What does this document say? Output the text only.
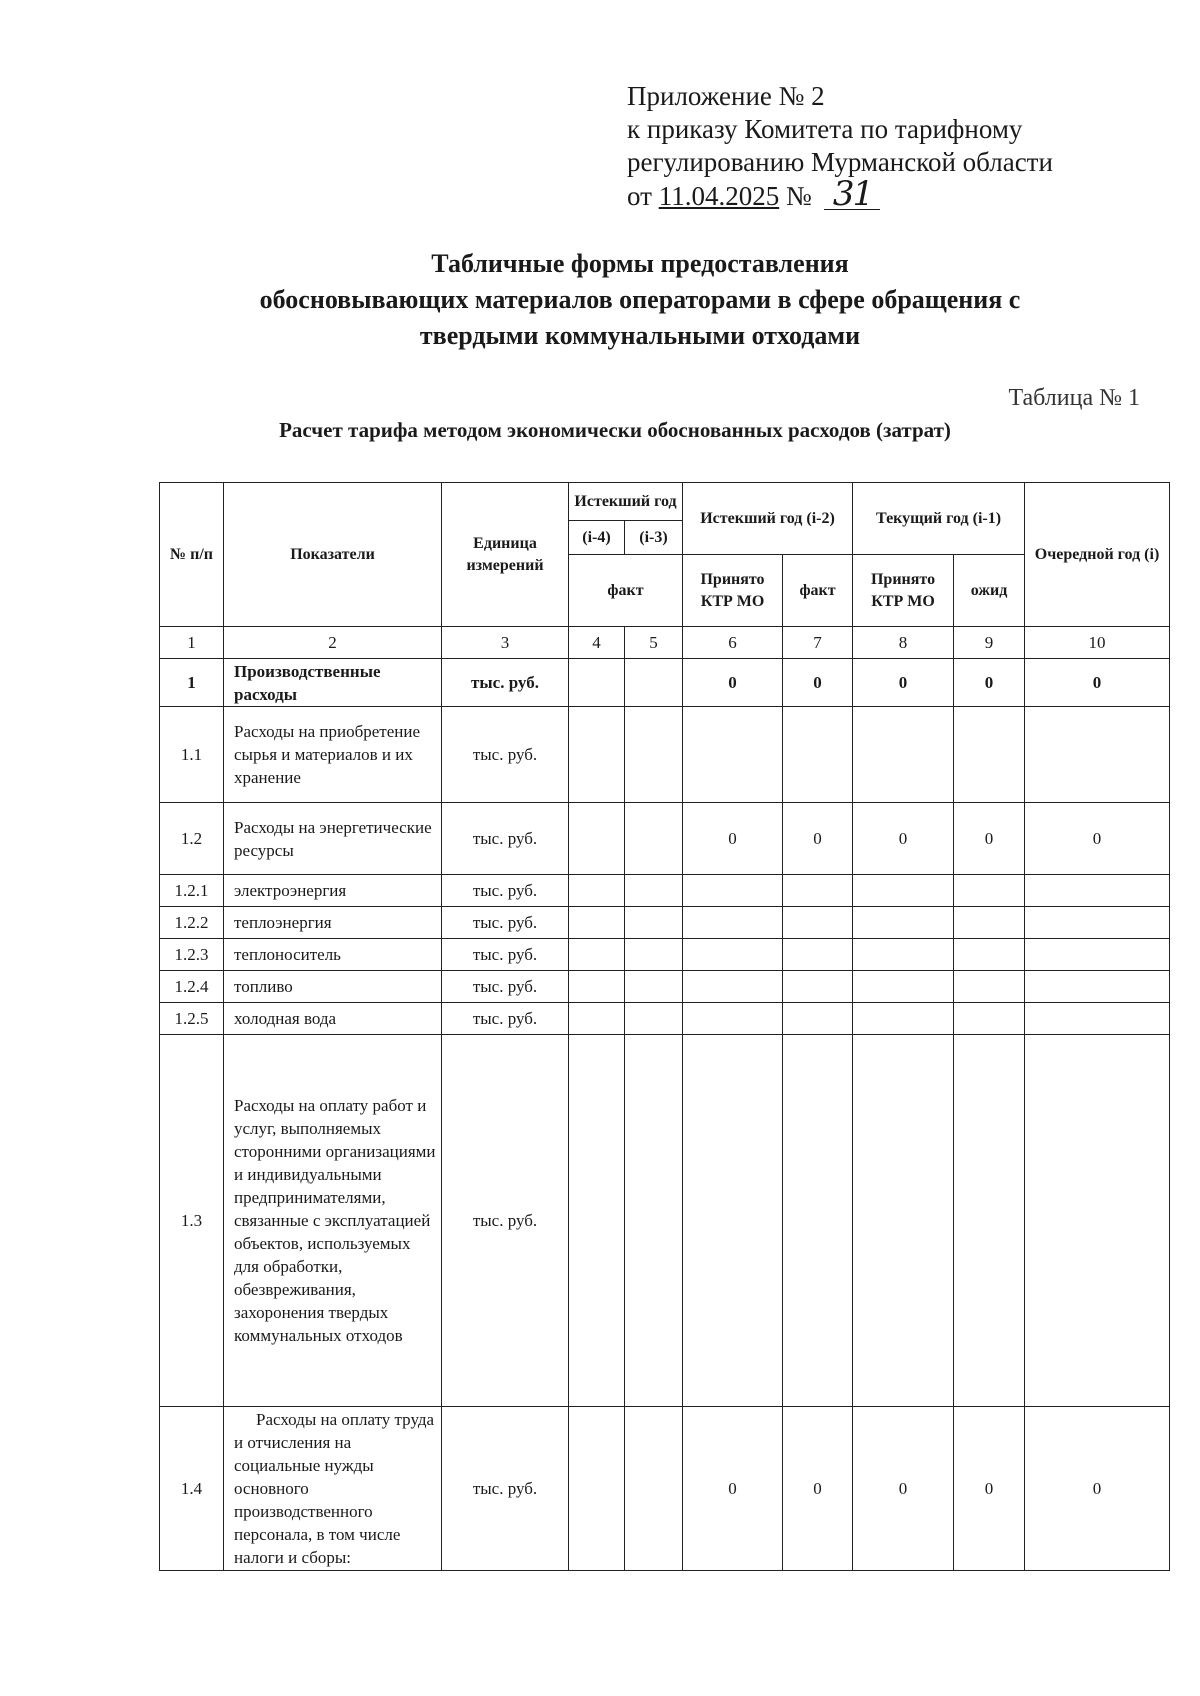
Приложение № 2
к приказу Комитета по тарифному
регулированию Мурманской области
от 11.04.2025 № 31
Табличные формы предоставления
обосновывающих материалов операторами в сфере обращения с
твердыми коммунальными отходами
Таблица № 1
Расчет тарифа методом экономически обоснованных расходов (затрат)
№ п/п	Показатели	Единица измерений	Истекший год		Истекший год (i-2)		Текущий год (i-1)		Очередной год (i)
			(i-4)	(i-3)					
			факт		Принято КТР МО	факт	Принято КТР МО	ожид	
1	2	3	4	5	6	7	8	9	10
1	Производственные расходы	тыс. руб.			0	0	0	0	0
1.1	Расходы на приобретение сырья и материалов и их хранение	тыс. руб.							
1.2	Расходы на энергетические ресурсы	тыс. руб.			0	0	0	0	0
1.2.1	электроэнергия	тыс. руб.							
1.2.2	теплоэнергия	тыс. руб.							
1.2.3	теплоноситель	тыс. руб.							
1.2.4	топливо	тыс. руб.							
1.2.5	холодная вода	тыс. руб.							
1.3	Расходы на оплату работ и услуг, выполняемых сторонними организациями и индивидуальными предпринимателями, связанные с эксплуатацией объектов, используемых для обработки, обезвреживания, захоронения твердых коммунальных отходов	тыс. руб.							
1.4	Расходы на оплату труда и отчисления на социальные нужды основного производственного персонала, в том числе налоги и сборы:	тыс. руб.			0	0	0	0	0
